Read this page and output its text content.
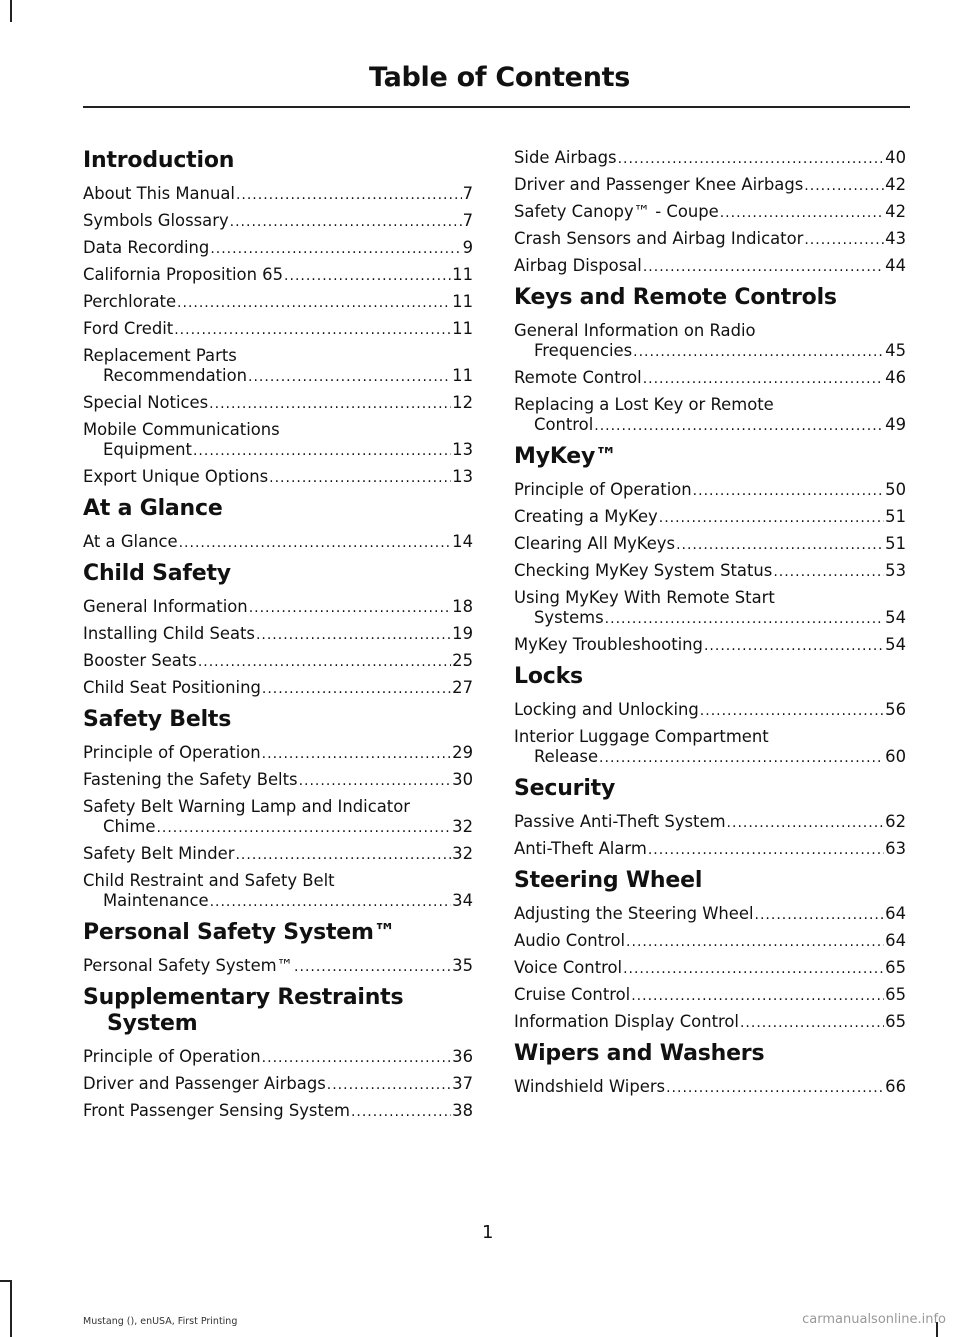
Table of Contents
Introduction
About This Manual .....	7
Symbols Glossary .....	7
Data Recording .....	9
California Proposition 65 .....	11
Perchlorate .....	11
Ford Credit .....	11
Replacement Parts
Recommendation .....	11
Special Notices .....	12
Mobile Communications
Equipment .....	13
Export Unique Options .....	13
At a Glance
At a Glance .....	14
Child Safety
General Information .....	18
Installing Child Seats .....	19
Booster Seats .....	25
Child Seat Positioning .....	27
Safety Belts
Principle of Operation .....	29
Fastening the Safety Belts .....	30
Safety Belt Warning Lamp and Indicator
Chime .....	32
Safety Belt Minder .....	32
Child Restraint and Safety Belt
Maintenance .....	34
Personal Safety System™
Personal Safety System™ .....	35
Supplementary Restraints
System
Principle of Operation .....	36
Driver and Passenger Airbags .....	37
Front Passenger Sensing System .....	38
Side Airbags .....	40
Driver and Passenger Knee Airbags .....	42
Safety Canopy™ - Coupe .....	42
Crash Sensors and Airbag Indicator .....	43
Airbag Disposal .....	44
Keys and Remote Controls
General Information on Radio
Frequencies .....	45
Remote Control .....	46
Replacing a Lost Key or Remote
Control .....	49
MyKey™
Principle of Operation .....	50
Creating a MyKey .....	51
Clearing All MyKeys .....	51
Checking MyKey System Status .....	53
Using MyKey With Remote Start
Systems .....	54
MyKey Troubleshooting .....	54
Locks
Locking and Unlocking .....	56
Interior Luggage Compartment
Release .....	60
Security
Passive Anti-Theft System .....	62
Anti-Theft Alarm .....	63
Steering Wheel
Adjusting the Steering Wheel .....	64
Audio Control .....	64
Voice Control .....	65
Cruise Control .....	65
Information Display Control .....	65
Wipers and Washers
Windshield Wipers .....	66
1
Mustang (), enUSA, First Printing	carmanualsonline.info
